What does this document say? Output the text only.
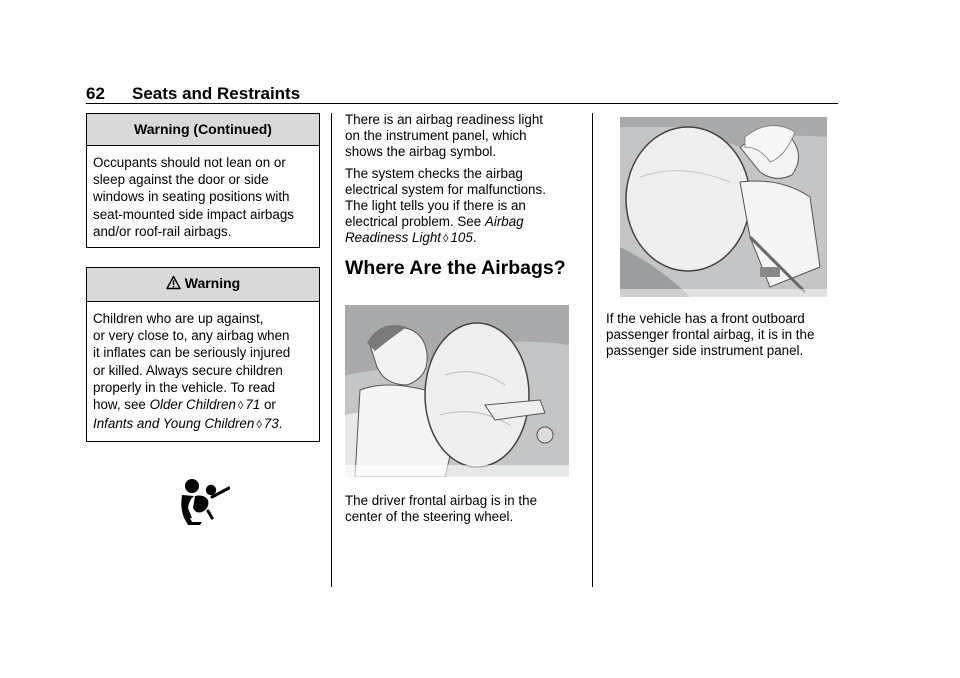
62 Seats and Restraints
Warning (Continued)
Occupants should not lean on or
sleep against the door or side
windows in seating positions with
seat-mounted side impact airbags
and/or roof-rail airbags.
Warning
Children who are up against,
or very close to, any airbag when
it inflates can be seriously injured
or killed. Always secure children
properly in the vehicle. To read
how, see Older Children ◊ 71 or
Infants and Young Children ◊ 73.
There is an airbag readiness light
on the instrument panel, which
shows the airbag symbol.
The system checks the airbag
electrical system for malfunctions.
The light tells you if there is an
electrical problem. See Airbag
Readiness Light ◊ 105.
Where Are the Airbags?
The driver frontal airbag is in the
center of the steering wheel.
If the vehicle has a front outboard
passenger frontal airbag, it is in the
passenger side instrument panel.
